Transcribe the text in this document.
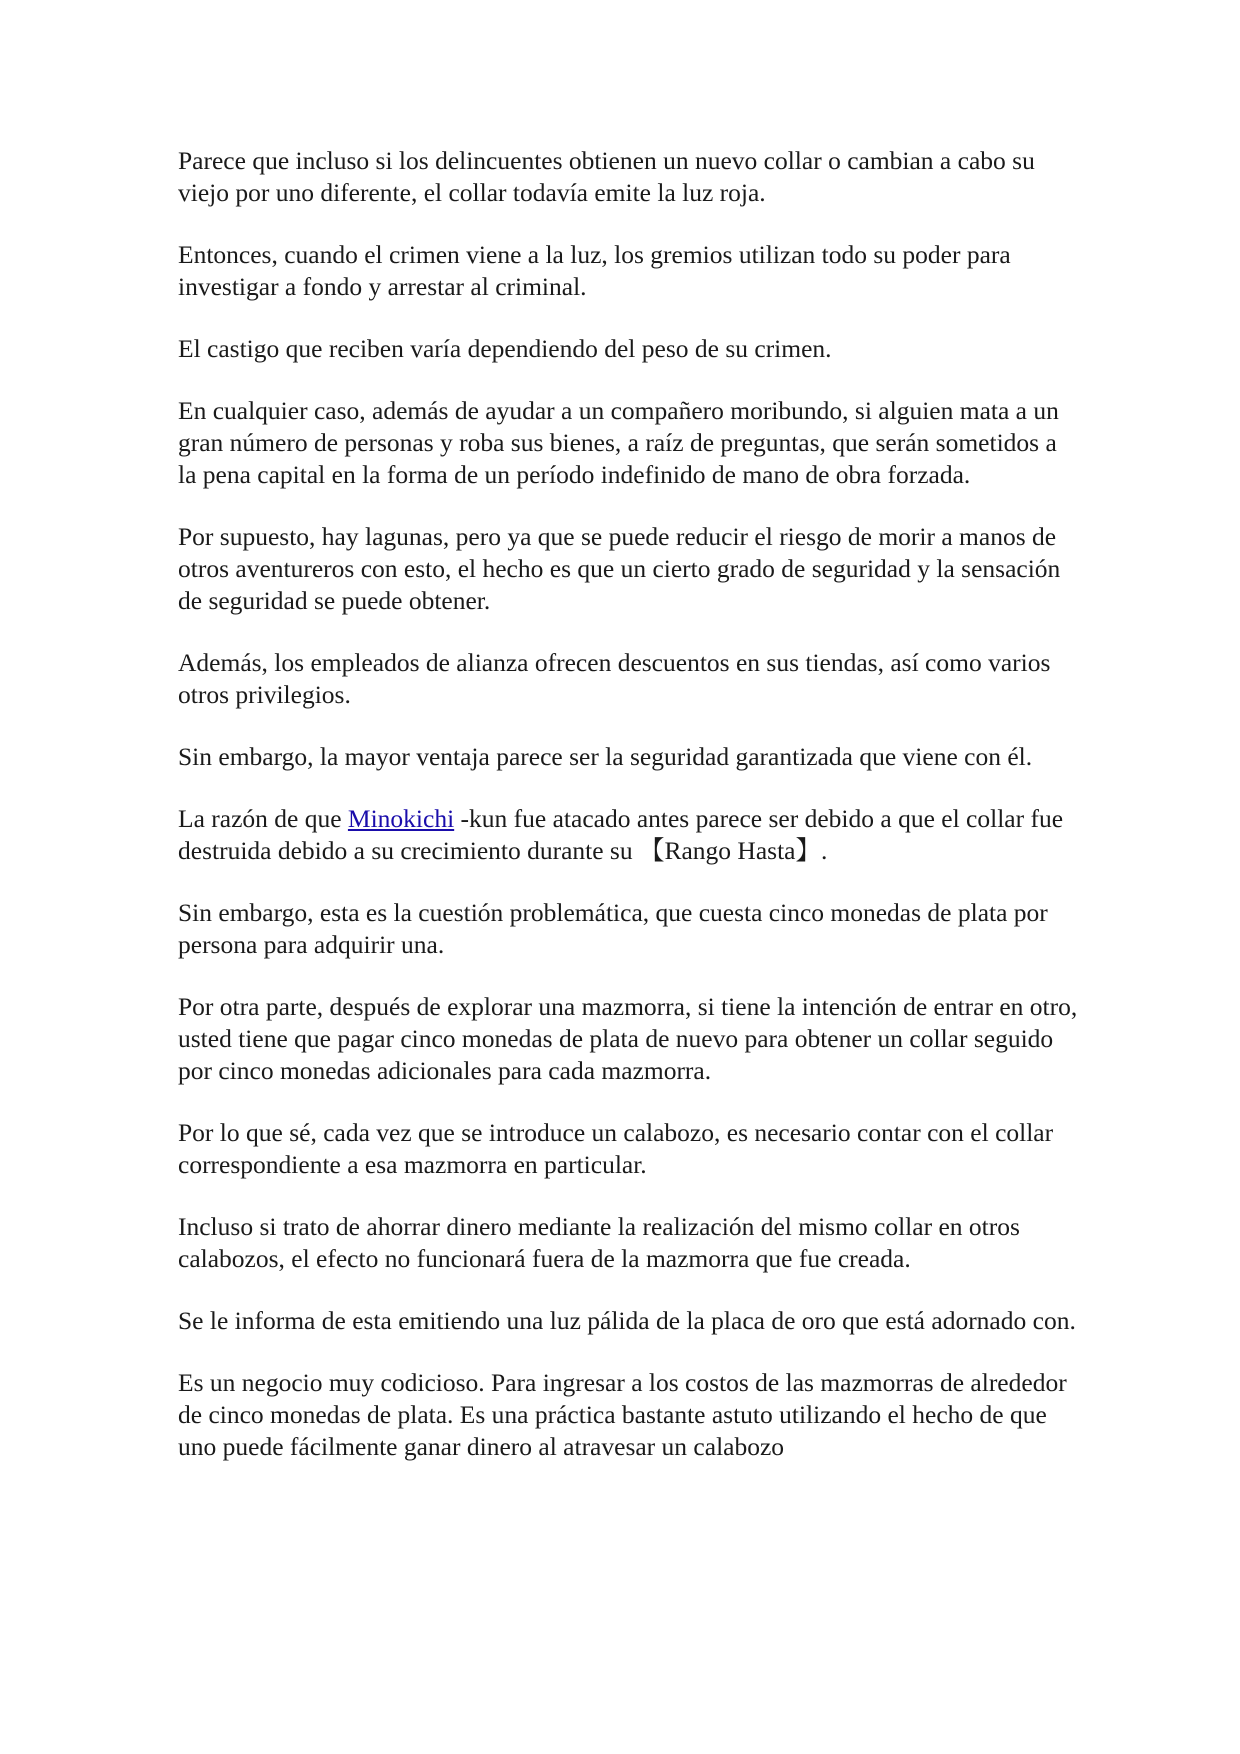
Parece que incluso si los delincuentes obtienen un nuevo collar o cambian a cabo su viejo por uno diferente, el collar todavía emite la luz roja.

Entonces, cuando el crimen viene a la luz, los gremios utilizan todo su poder para investigar a fondo y arrestar al criminal.

El castigo que reciben varía dependiendo del peso de su crimen.

En cualquier caso, además de ayudar a un compañero moribundo, si alguien mata a un gran número de personas y roba sus bienes, a raíz de preguntas, que serán sometidos a la pena capital en la forma de un período indefinido de mano de obra forzada.

Por supuesto, hay lagunas, pero ya que se puede reducir el riesgo de morir a manos de otros aventureros con esto, el hecho es que un cierto grado de seguridad y la sensación de seguridad se puede obtener.

Además, los empleados de alianza ofrecen descuentos en sus tiendas, así como varios otros privilegios.

Sin embargo, la mayor ventaja parece ser la seguridad garantizada que viene con él.

La razón de que Minokichi -kun fue atacado antes parece ser debido a que el collar fue destruida debido a su crecimiento durante su 【Rango Hasta】.

Sin embargo, esta es la cuestión problemática, que cuesta cinco monedas de plata por persona para adquirir una.

Por otra parte, después de explorar una mazmorra, si tiene la intención de entrar en otro, usted tiene que pagar cinco monedas de plata de nuevo para obtener un collar seguido por cinco monedas adicionales para cada mazmorra.

Por lo que sé, cada vez que se introduce un calabozo, es necesario contar con el collar correspondiente a esa mazmorra en particular.

Incluso si trato de ahorrar dinero mediante la realización del mismo collar en otros calabozos, el efecto no funcionará fuera de la mazmorra que fue creada.

Se le informa de esta emitiendo una luz pálida de la placa de oro que está adornado con.

Es un negocio muy codicioso. Para ingresar a los costos de las mazmorras de alrededor de cinco monedas de plata. Es una práctica bastante astuto utilizando el hecho de que uno puede fácilmente ganar dinero al atravesar un calabozo
